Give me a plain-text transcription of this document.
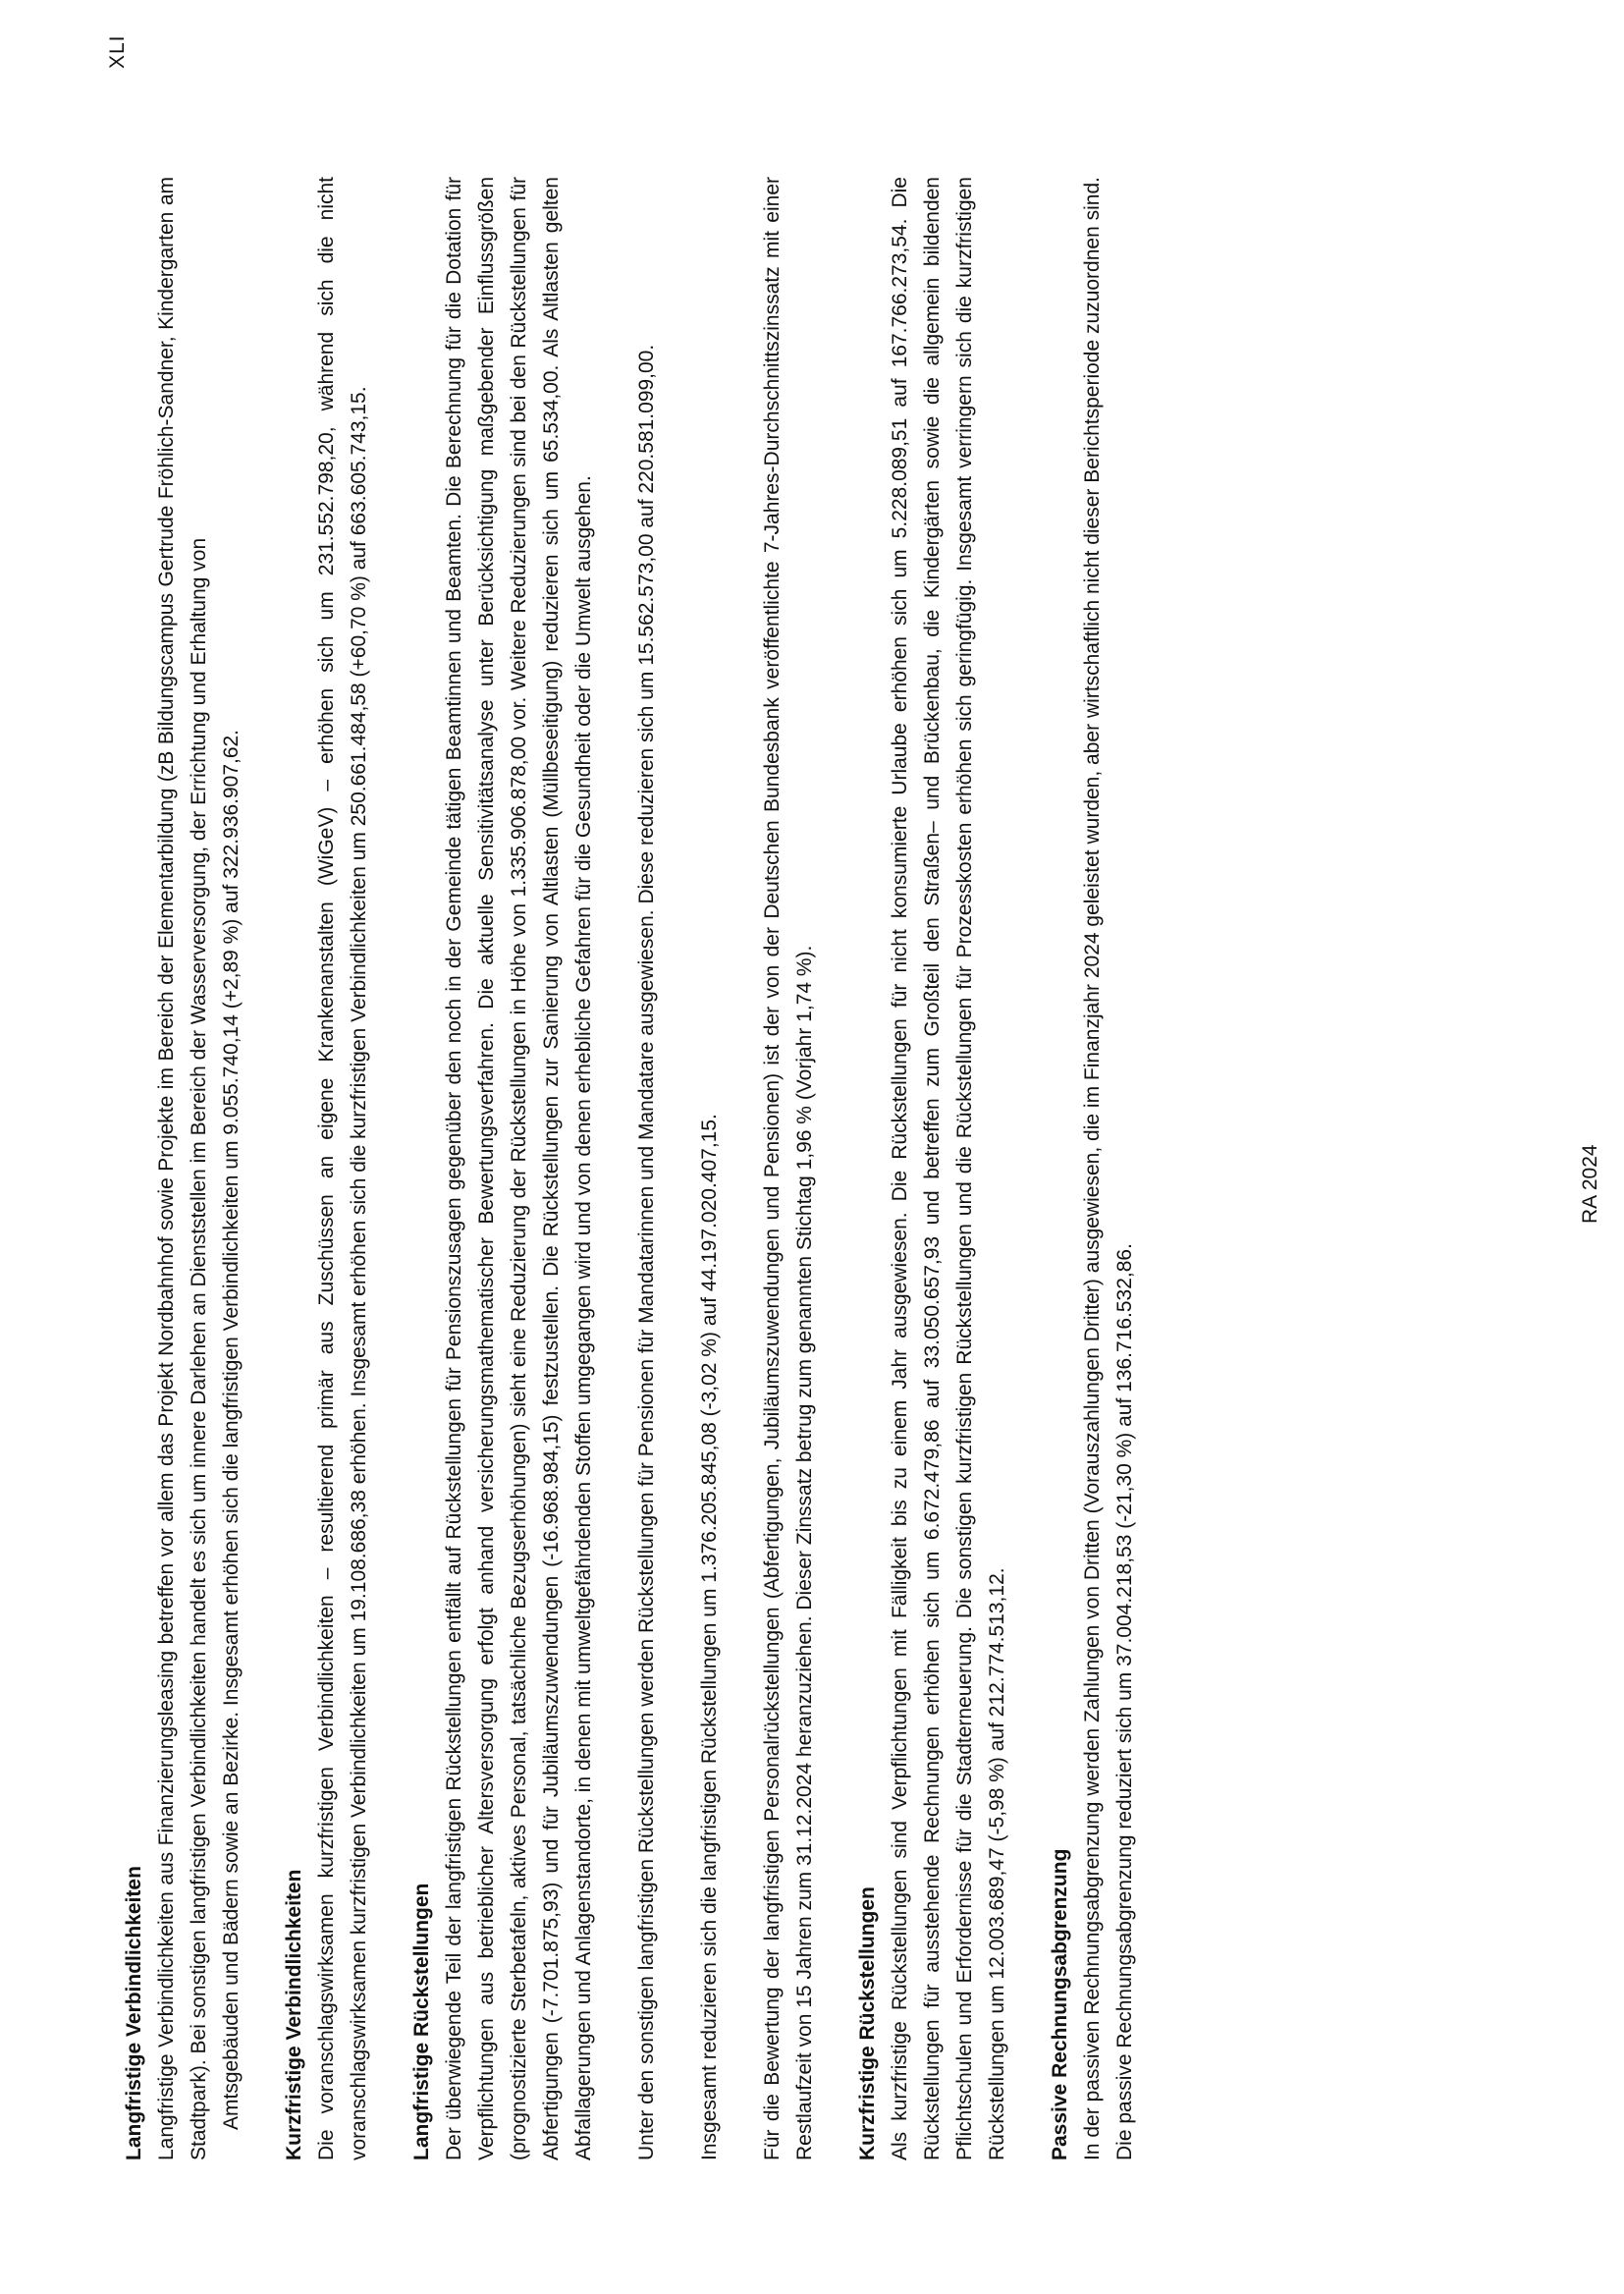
Langfristige Verbindlichkeiten Langfristige Verbindlichkeiten aus Finanzierungsleasing betreffen vor allem das Projekt Nordbahnhof sowie Projekte im Bereich der Elementarbildung (zB Bildungscampus Gertrude Fröhlich-Sandner, Kindergarten am Stadtpark). Bei sonstigen langfristigen Verbindlichkeiten handelt es sich um innere Darlehen an Dienststellen im Bereich der Wasserversorgung, der Errichtung und Erhaltung von Amtsgebäuden und Bädern sowie an Bezirke. Insgesamt erhöhen sich die langfristigen Verbindlichkeiten um 9.055.740,14 (+2,89 %) auf 322.936.907,62. Kurzfristige Verbindlichkeiten Die voranschlagswirksamen kurzfristigen Verbindlichkeiten – resultierend primär aus Zuschüssen an eigene Krankenanstalten (WiGeV) – erhöhen sich um 231.552.798,20, während sich die nicht voranschlagswirksamen kurzfristigen Verbindlichkeiten um 19.108.686,38 erhöhen. Insgesamt erhöhen sich die kurzfristigen Verbindlichkeiten um 250.661.484,58 (+60,70 %) auf 663.605.743,15. Langfristige Rückstellungen Der überwiegende Teil der langfristigen Rückstellungen entfällt auf Rückstellungen für Pensionszusagen gegenüber den noch in der Gemeinde tätigen Beamtinnen und Beamten. Die Berechnung für die Dotation für Verpflichtungen aus betrieblicher Altersversorgung erfolgt anhand versicherungsmathematischer Bewertungsverfahren. Die aktuelle Sensitivitätsanalyse unter Berücksichtigung maßgebender Einflussgrößen (prognostizierte Sterbetafeln, aktives Personal, tatsächliche Bezugserhöhungen) sieht eine Reduzierung der Rückstellungen in Höhe von 1.335.906.878,00 vor. Weitere Reduzierungen sind bei den Rückstellungen für Abfertigungen (-7.701.875,93) und für Jubiläumszuwendungen (-16.968.984,15) festzustellen. Die Rückstellungen zur Sanierung von Altlasten (Müllbeseitigung) reduzieren sich um 65.534,00. Als Altlasten gelten Abfallagerungen und Anlagenstandorte, in denen mit umweltgefährdenden Stoffen umgegangen wird und von denen erhebliche Gefahren für die Gesundheit oder die Umwelt ausgehen. Unter den sonstigen langfristigen Rückstellungen werden Rückstellungen für Pensionen für Mandatarinnen und Mandatare ausgewiesen. Diese reduzieren sich um 15.562.573,00 auf 220.581.099,00. Insgesamt reduzieren sich die langfristigen Rückstellungen um 1.376.205.845,08 (-3,02 %) auf 44.197.020.407,15. Für die Bewertung der langfristigen Personalrückstellungen (Abfertigungen, Jubiläumszuwendungen und Pensionen) ist der von der Deutschen Bundesbank veröffentlichte 7-Jahres-Durchschnittszinssatz mit einer Restlaufzeit von 15 Jahren zum 31.12.2024 heranzuziehen. Dieser Zinssatz betrug zum genannten Stichtag 1,96 % (Vorjahr 1,74 %). Kurzfristige Rückstellungen Als kurzfristige Rückstellungen sind Verpflichtungen mit Fälligkeit bis zu einem Jahr ausgewiesen. Die Rückstellungen für nicht konsumierte Urlaube erhöhen sich um 5.228.089,51 auf 167.766.273,54. Die Rückstellungen für ausstehende Rechnungen erhöhen sich um 6.672.479,86 auf 33.050.657,93 und betreffen zum Großteil den Straßen– und Brückenbau, die Kindergärten sowie die allgemein bildenden Pflichtschulen und Erfordernisse für die Stadterneuerung. Die sonstigen kurzfristigen Rückstellungen und die Rückstellungen für Prozesskosten erhöhen sich geringfügig. Insgesamt verringern sich die kurzfristigen Rückstellungen um 12.003.689,47 (-5,98 %) auf 212.774.513,12. Passive Rechnungsabgrenzung In der passiven Rechnungsabgrenzung werden Zahlungen von Dritten (Vorauszahlungen Dritter) ausgewiesen, die im Finanzjahr 2024 geleistet wurden, aber wirtschaftlich nicht dieser Berichtsperiode zuzuordnen sind. Die passive Rechnungsabgrenzung reduziert sich um 37.004.218,53 (-21,30 %) auf 136.716.532,86.

XLI
RA 2024
